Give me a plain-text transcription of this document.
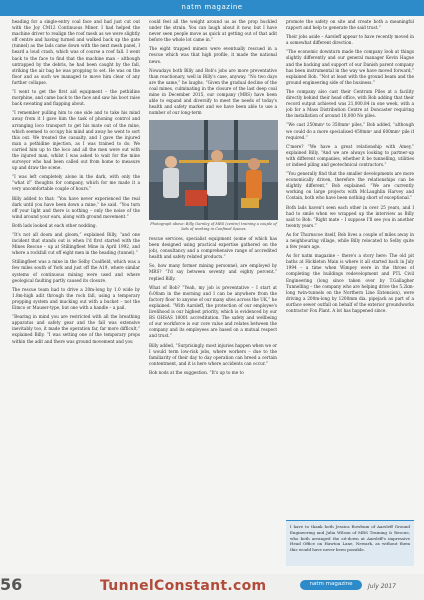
natm magazine

heading for a single-entry coal face and had just cut out with the Joy CM12 Continuous Miner. I had helped the machine driver to realign the roof mesh as we were slightly off centre and having turned and walked back up the gate (tunnel) as the lads came down with the next mesh panel, I heard a loud crash, which was of course a roof fall. I went back to the face to find that the machine man – although untrapped by the debris, he had been caught by the fall, striking the air bag he was propping to set. He was on the floor and as such we managed to move him clear of any further collapse.

“I went to get the first aid equipment – the pethidine morphine, and came back to the face and saw his boot raise back sweating and flapping about.

“I remember pulling him to one side and to take his mind away from it I gave him the task of phoning control and arranging loco transport to get his mate out of the mine, which seemed to occupy his mind and away he went to sort this out. We treated the casualty, and I gave the injured man a pethidine injection, as I was trained to do. We carried him up to the loco and all the men were out with the injured man, whilst I was asked to wait for the mine surveyor who had been called out from home to measure up and draw the scene.

“I was left completely alone in the dark, with only the “what if” thoughts for company, which for me made it a very uncomfortable couple of hours.”

Billy added to that: “You have never experienced the real dark until you have been down a mine,” he said. “You turn off your light and there is nothing – only the noise of the wind around your ears, along with ground movement.”

Both lads looked at each other nodding.

“It's not all doom and gloom,” explained Billy, “and one incident that stands out is when I'd first started with the Mines Rescue – up at Stillingfleet Mine in April 1992, and where a rockfall cut off eight men in the heading (tunnel).”

Stillingfleet was a mine in the Selby Coalfield, which was a few miles south of York and just off the A19, where similar systems of continuous mining were used and where geological faulting partly caused its closure.

The rescue team had to drive a 20m-long by 1.0 wide by 1.8m-high adit through the rock fall, using a temporary propping system and mucking out with a bucket – not the Eimco or Mauser-type, but one with a handle – a pail.

“Bearing in mind you are restricted with all the breathing apparatus and safety gear and the fall was extensive inevitably too, it made the operation far, far more difficult,” explained Billy. “I was setting one of the temporary props within the adit and there was ground movement and you

could feel all the weight around us as the prop buckled under the strain. You can laugh about it now, but I have never seen people move as quick at getting out of that adit before the whole lot came in.”

The eight trapped miners were eventually rescued in a rescue which was that high profile, it made the national news.

Nowadays both Billy and Bob's jobs are more preventative than reactionary, well in Billy's case, anyway. “No two days are the same,” he laughs. “Given the gradual decline of the coal mines, culminating in the closure of the last deep coal mine in December 2015, our company (MRS) have been able to expand and diversify to meet the needs of today's health and safety market and we have been able to use a number of our long-term

Photograph above: Billy Gurnley of MRS (centre) training a couple of lads of working in Confined Spaces

rescue services, specialist equipment (some of which has been designed using practical expertise gathered on the job), consultancy and a comprehensive range of accredited health and safety related products.”

So, how many former mining personnel, are employed by MRS? “I'd say between seventy and eighty percent,” replied Billy.

What of Bob? “Yeah, my job is preventative – I start at 6:00am in the morning and I can be anywhere from the factory floor to anyone of our many sites across the UK,” he explained. “With Aarsleff, the protection of our employee's livelihood is our highest priority, which is evidenced by our BS OHSAS 18001 accreditation. The safety and wellbeing of our workforce is our core value and relates between the company and its employees are based on a mutual respect and trust.”

Billy added, “Surprisingly, most injuries happen when we or I would term low-risk jobs, where workers – due to the familiarity of their day to day operation can breed a certain contentment, and it is here where accidents can occur.”

Bob nods at the suggestion. “It's up to me to

promote the safety on site and create both a meaningful rapport and help to generate the said trust.”

Their jobs aside – Aarsleff appear to have recently moved in a somewhat different direction.

“The economic downturn made the company look at things slightly differently and our general manager Kevin Hague and the backing and support of our Danish parent company has been instrumental in the way we have moved forward,” explained Bob. “Not at least with the ground beam and the ground engineering side of the business.”

The company also cast their Centrum Piles at a facility directly behind their head office, with Bob adding that their record output achieved was 21,000.84 in one week, with a job for a Mass Distribution Centre at Doncaster requiring the installation of around 10,000 No piles.

“We cast 250mm² to 350mm² piles,” Bob added, “although we could do a more specialised 450mm² and 600mm² pile if required.”

C'mere? “We have a great relationship with Amey,” explained Billy, “And we are always looking to partner-up with different companies, whether it be tunnelling, utilities or indeed piling and geotechnical contractors.”

“You generally find that the smaller developments are more economically driven, therefore the relationships can be slightly different,” Bob explained. “We are currently working on large projects with McLaughlin Harvey and Costain, both who have been nothing short of exceptional.”

Both lads haven't seen each other in over 25 years, and I had to smile when we wrapped up the interview as Billy said to Bob: “Right mate – I suppose I'll see you in another twenty years.”

As for Thurnscoe itself, Bob lives a couple of miles away in a neighbouring village, while Billy relocated to Selby quite a few years ago.

As for natm magazine – there's a story here: The old pit baths at Hickleton Main is where it all started back in July 1994 – a time when Wimpey were in the throes of completing the buildings redevelopment and PTL Civil Engineering (long since taken over by T.Gallagher Tunnelling – the company who are helping drive the 5.2km-long twin-tunnels on the Northern Line Extension), were driving a 200m-long by 1200mm dia. pipejack as part of a surface sewer outfall on behalf of the exterior groundworks contractor Fox Plant. A lot has happened since.

I have to thank both Jessica Rowbum of Aarsleff Ground Engineering and Julia Wilson of MRS Training & Rescue, who both arranged the sit-down at Aarsleff's impressive Head Office on Hawton Lane, Newark, as without them this would have never been possible.
56	TunnelConstant.com	natm magazine	July 2017
